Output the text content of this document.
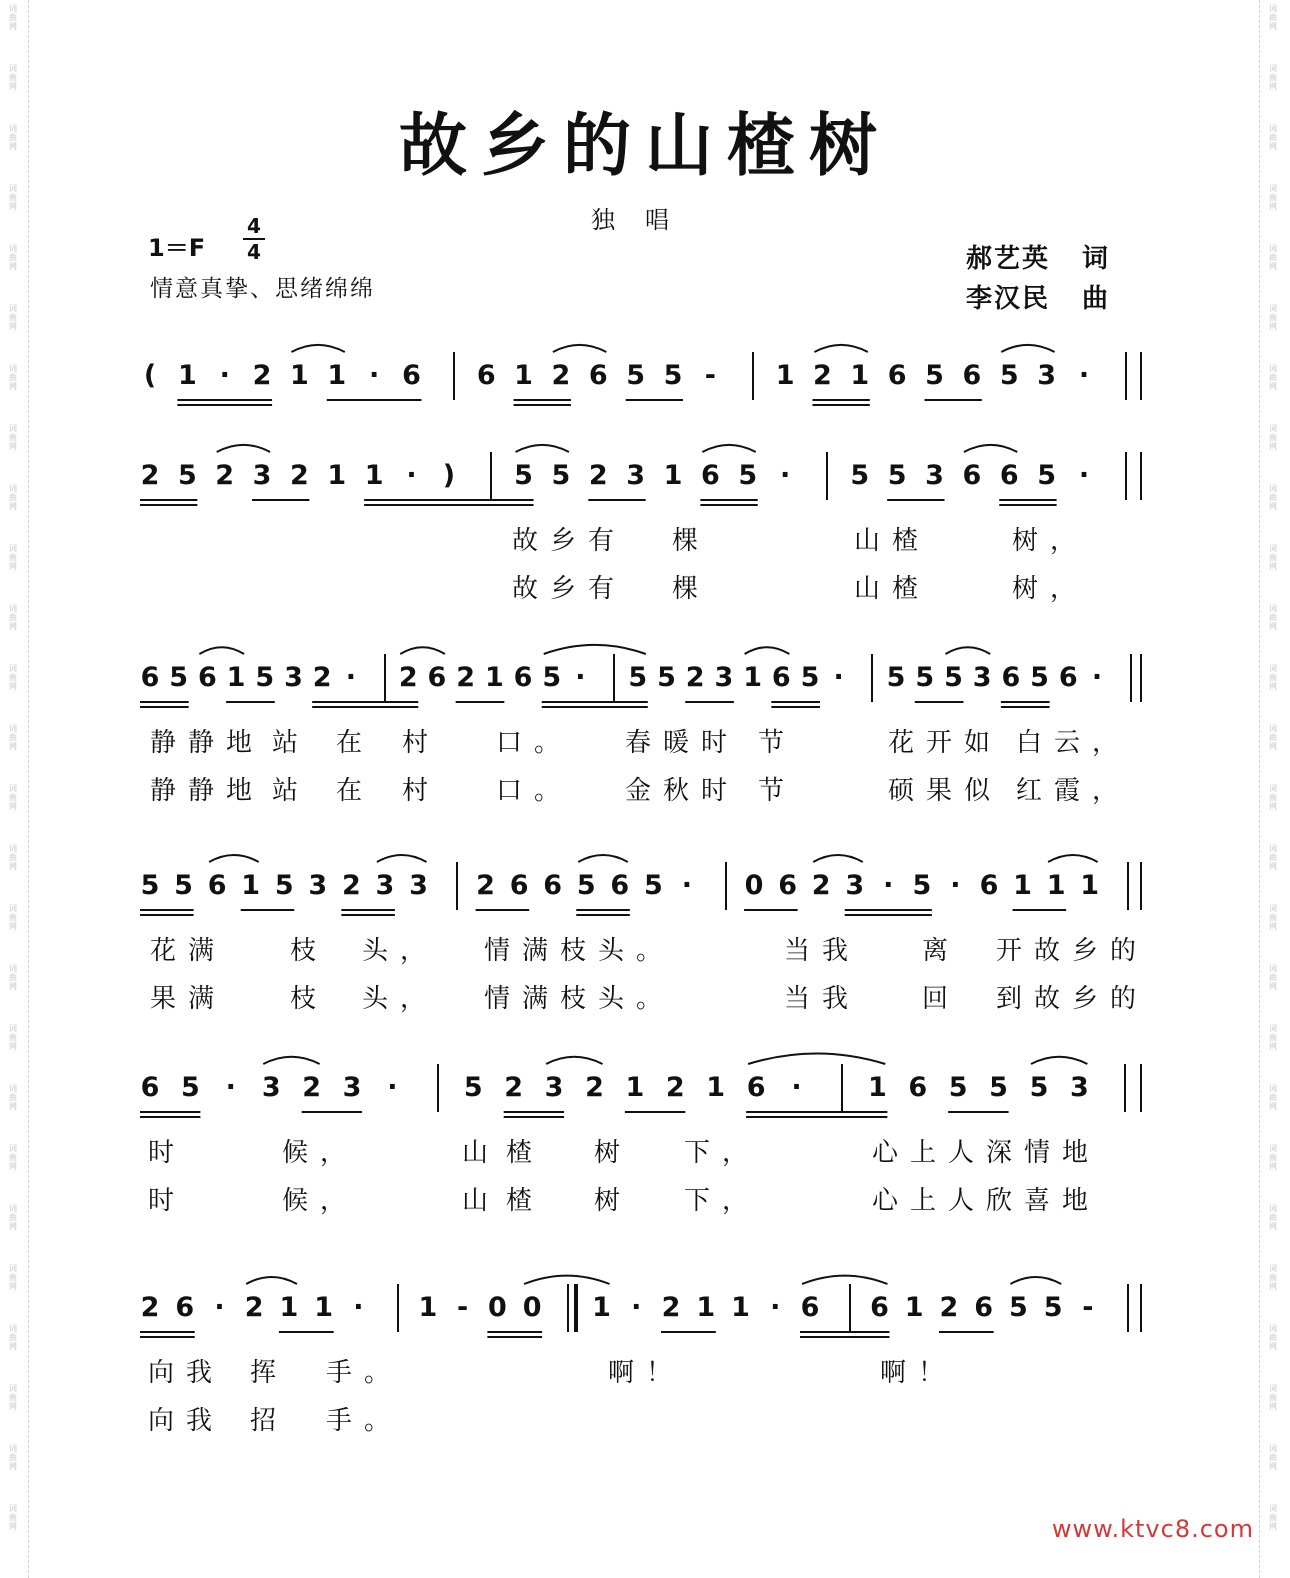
词
曲
网
词
曲
网
词
曲
网
词
曲
网
词
曲
网
词
曲
网
词
曲
网
词
曲
网
词
曲
网
词
曲
网
词
曲
网
词
曲
网
词
曲
网
词
曲
网
词
曲
网
词
曲
网
词
曲
网
词
曲
网
词
曲
网
词
曲
网
词
曲
网
词
曲
网
词
曲
网
词
曲
网
词
曲
网
词
曲
网
词
曲
网
词
曲
网
词
曲
网
词
曲
网
词
曲
网
词
曲
网
词
曲
网
词
曲
网
词
曲
网
词
曲
网
词
曲
网
词
曲
网
词
曲
网
词
曲
网
词
曲
网
词
曲
网
词
曲
网
词
曲
网
词
曲
网
词
曲
网
词
曲
网
词
曲
网
词
曲
网
词
曲
网
词
曲
网
词
曲
网
故乡的山楂树
独唱
1＝F
4
4
情意真挚、思绪绵绵
郝艺英 词
李汉民 曲
( 1 · 2 1 1 · 6 6 1 2 6 5 5 - 1 2 1 6 5 6 5 3 ·
2 5 2 3 2 1 1 · ) 5 5 2 3 1 6 5 · 5 5 3 6 6 5 ·
故乡有 棵	山楂	树，
故乡有 棵	山楂	树，
6 5 6 1 5 3 2 · 2 6 2 1 6 5 · 5 5 2 3 1 6 5 · 5 5 5 3 6 5 6 ·
静静地 站 在 村 口。 春暖时 节	花开如 白云，
静静地 站 在 村 口。 金秋时 节	硕果似 红霞，
5 5 6 1 5 3 2 3 3 2 6 6 5 6 5 · 0 6 2 3 · 5 · 6 1 1 1
花满 枝 头， 情满枝头。	当我 离 开故乡的
果满 枝 头， 情满枝头。	当我 回 到故乡的
6 5 · 3 2 3 · 5 2 3 2 1 2 1 6 · 1 6 5 5 5 3
时	候，	山 楂 树 下，	心上人深情地
时	候，	山 楂 树 下，	心上人欣喜地
2 6 · 2 1 1 · 1 - 0 0 1 · 2 1 1 · 6 6 1 2 6 5 5 -
向我 挥 手。	啊！	啊！
向我 招 手。
www.ktvc8.com
